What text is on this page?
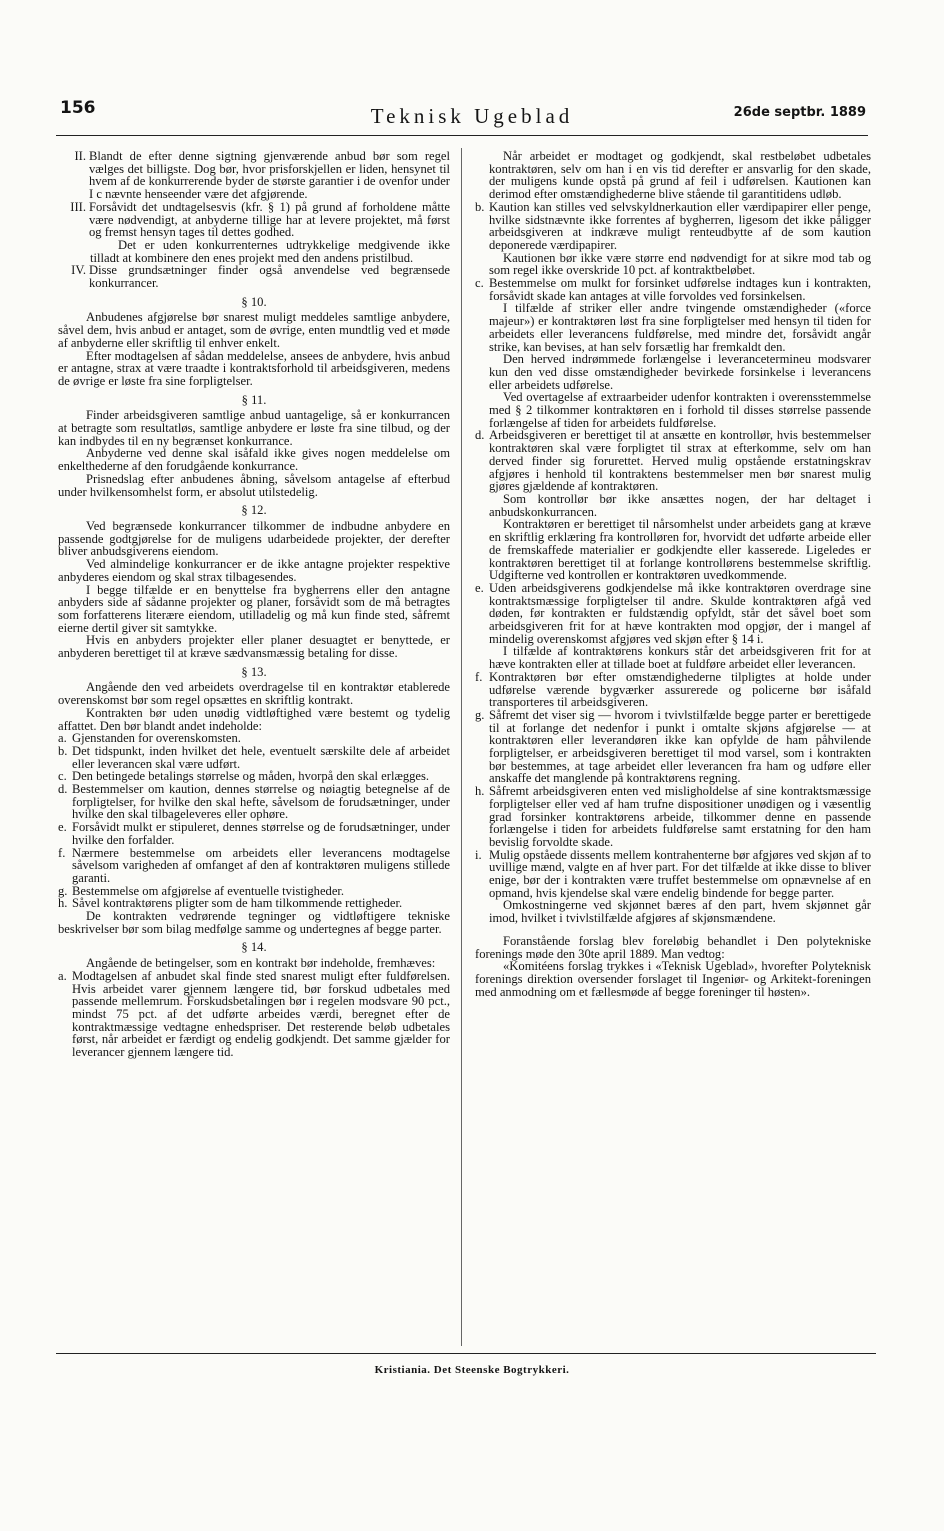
156	Teknisk Ugeblad	26de septbr. 1889
II. Blandt de efter denne sigtning gjenværende anbud bør som regel vælges det billigste. Dog bør, hvor prisforskjellen er liden, hensynet til hvem af de konkurrerende byder de største garantier i de ovenfor under I c nævnte henseender være det afgjørende.
III. Forsåvidt det undtagelsesvis (kfr. § 1) på grund af forholdene måtte være nødvendigt, at anbyderne tillige har at levere projektet, må først og fremst hensyn tages til dettes godhed.

Det er uden konkurrenternes udtrykkelige medgivende ikke tilladt at kombinere den enes projekt med den andens pristilbud.

IV. Disse grundsætninger finder også anvendelse ved begrænsede konkurrancer.
§ 10.

Anbudenes afgjørelse bør snarest muligt meddeles samtlige anbydere, såvel dem, hvis anbud er antaget, som de øvrige, enten mundtlig ved et møde af anbyderne eller skriftlig til enhver enkelt.

Efter modtagelsen af sådan meddelelse, ansees de anbydere, hvis anbud er antagne, strax at være traadte i kontraktsforhold til arbeidsgiveren, medens de øvrige er løste fra sine forpligtelser.

§ 11.

Finder arbeidsgiveren samtlige anbud uantagelige, så er konkurrancen at betragte som resultatløs, samtlige anbydere er løste fra sine tilbud, og der kan indbydes til en ny begrænset konkurrance.

Anbyderne ved denne skal isåfald ikke gives nogen meddelelse om enkelthederne af den forudgående konkurrance.

Prisnedslag efter anbudenes åbning, såvelsom antagelse af efterbud under hvilkensomhelst form, er absolut utilstedelig.

§ 12.

Ved begrænsede konkurrancer tilkommer de indbudne anbydere en passende godtgjørelse for de muligens udarbeidede projekter, der derefter bliver anbudsgiverens eiendom.

Ved almindelige konkurrancer er de ikke antagne projekter respektive anbyderes eiendom og skal strax tilbagesendes.

I begge tilfælde er en benyttelse fra bygherrens eller den antagne anbyders side af sådanne projekter og planer, forsåvidt som de må betragtes som forfatterens literære eiendom, utilladelig og må kun finde sted, såfremt eierne dertil giver sit samtykke.

Hvis en anbyders projekter eller planer desuagtet er benyttede, er anbyderen berettiget til at kræve sædvansmæssig betaling for disse.

§ 13.

Angående den ved arbeidets overdragelse til en kontraktør etablerede overenskomst bør som regel opsættes en skriftlig kontrakt.

Kontrakten bør uden unødig vidtløftighed være bestemt og tydelig affattet. Den bør blandt andet indeholde:

a. Gjenstanden for overenskomsten.
b. Det tidspunkt, inden hvilket det hele, eventuelt særskilte dele af arbeidet eller leverancen skal være udført.
c. Den betingede betalings størrelse og måden, hvorpå den skal erlægges.
d. Bestemmelser om kaution, dennes størrelse og nøiagtig betegnelse af de forpligtelser, for hvilke den skal hefte, såvelsom de forudsætninger, under hvilke den skal tilbageleveres eller ophøre.
e. Forsåvidt mulkt er stipuleret, dennes størrelse og de forudsætninger, under hvilke den forfalder.
f. Nærmere bestemmelse om arbeidets eller leverancens modtagelse såvelsom varigheden af omfanget af den af kontraktøren muligens stillede garanti.
g. Bestemmelse om afgjørelse af eventuelle tvistigheder.
h. Såvel kontraktørens pligter som de ham tilkommende rettigheder.

De kontrakten vedrørende tegninger og vidtløftigere tekniske beskrivelser bør som bilag medfølge samme og undertegnes af begge parter.

§ 14.

Angående de betingelser, som en kontrakt bør indeholde, fremhæves:

a. Modtagelsen af anbudet skal finde sted snarest muligt efter fuldførelsen. Hvis arbeidet varer gjennem længere tid, bør forskud udbetales med passende mellemrum. Forskudsbetalingen bør i regelen modsvare 90 pct., mindst 75 pct. af det udførte arbeides værdi, beregnet efter de kontraktmæssige vedtagne enhedspriser. Det resterende beløb udbetales først, når arbeidet er færdigt og endelig godkjendt. Det samme gjælder for leverancer gjennem længere tid.

Når arbeidet er modtaget og godkjendt, skal restbeløbet udbetales kontraktøren, selv om han i en vis tid derefter er ansvarlig for den skade, der muligens kunde opstå på grund af feil i udførelsen. Kautionen kan derimod efter omstændighederne blive stående til garantitidens udløb.

b. Kaution kan stilles ved selvskyldnerkaution eller værdipapirer eller penge, hvilke sidstnævnte ikke forrentes af bygherren, ligesom det ikke påligger arbeidsgiveren at indkræve muligt renteudbytte af de som kaution deponerede værdipapirer.

Kautionen bør ikke være større end nødvendigt for at sikre mod tab og som regel ikke overskride 10 pct. af kontraktbeløbet.

c. Bestemmelse om mulkt for forsinket udførelse indtages kun i kontrakten, forsåvidt skade kan antages at ville forvoldes ved forsinkelsen.

I tilfælde af striker eller andre tvingende omstændigheder («force majeur») er kontraktøren løst fra sine forpligtelser med hensyn til tiden for arbeidets eller leverancens fuldførelse, med mindre det, forsåvidt angår strike, kan bevises, at han selv forsætlig har fremkaldt den.

Den herved indrømmede forlængelse i leverancetermineu modsvarer kun den ved disse omstændigheder bevirkede forsinkelse i leverancens eller arbeidets udførelse.

Ved overtagelse af extraarbeider udenfor kontrakten i overensstemmelse med § 2 tilkommer kontraktøren en i forhold til disses størrelse passende forlængelse af tiden for arbeidets fuldførelse.

d. Arbeidsgiveren er berettiget til at ansætte en kontrollør, hvis bestemmelser kontraktøren skal være forpligtet til strax at efterkomme, selv om han derved finder sig forurettet. Herved mulig opstående erstatningskrav afgjøres i henhold til kontraktens bestemmelser men bør snarest mulig gjøres gjældende af kontraktøren.

Som kontrollør bør ikke ansættes nogen, der har deltaget i anbudskonkurrancen.

Kontraktøren er berettiget til nårsomhelst under arbeidets gang at kræve en skriftlig erklæring fra kontrolløren for, hvorvidt det udførte arbeide eller de fremskaffede materialier er godkjendte eller kasserede. Ligeledes er kontraktøren berettiget til at forlange kontrollørens bestemmelse skriftlig. Udgifterne ved kontrollen er kontraktøren uvedkommende.

e. Uden arbeidsgiverens godkjendelse må ikke kontraktøren overdrage sine kontraktsmæssige forpligtelser til andre. Skulde kontraktøren afgå ved døden, før kontrakten er fuldstændig opfyldt, står det såvel boet som arbeidsgiveren frit for at hæve kontrakten mod opgjør, der i mangel af mindelig overenskomst afgjøres ved skjøn efter § 14 i.

I tilfælde af kontraktørens konkurs står det arbeidsgiveren frit for at hæve kontrakten eller at tillade boet at fuldføre arbeidet eller leverancen.

f. Kontraktøren bør efter omstændighederne tilpligtes at holde under udførelse værende bygværker assurerede og policerne bør isåfald transporteres til arbeidsgiveren.
g. Såfremt det viser sig — hvorom i tvivlstilfælde begge parter er berettigede til at forlange det nedenfor i punkt i omtalte skjøns afgjørelse — at kontraktøren eller leverandøren ikke kan opfylde de ham påhvilende forpligtelser, er arbeidsgiveren berettiget til mod varsel, som i kontrakten bør bestemmes, at tage arbeidet eller leverancen fra ham og udføre eller anskaffe det manglende på kontraktørens regning.
h. Såfremt arbeidsgiveren enten ved misligholdelse af sine kontraktsmæssige forpligtelser eller ved af ham trufne dispositioner unødigen og i væsentlig grad forsinker kontraktørens arbeide, tilkommer denne en passende forlængelse i tiden for arbeidets fuldførelse samt erstatning for den ham bevislig forvoldte skade.
i. Mulig opståede dissents mellem kontrahenterne bør afgjøres ved skjøn af to uvillige mænd, valgte en af hver part. For det tilfælde at ikke disse to bliver enige, bør der i kontrakten være truffet bestemmelse om opnævnelse af en opmand, hvis kjendelse skal være endelig bindende for begge parter.

Omkostningerne ved skjønnet bæres af den part, hvem skjønnet går imod, hvilket i tvivlstilfælde afgjøres af skjønsmændene.

Foranstående forslag blev foreløbig behandlet i Den polytekniske forenings møde den 30te april 1889. Man vedtog:

«Komitéens forslag trykkes i «Teknisk Ugeblad», hvorefter Polyteknisk forenings direktion oversender forslaget til Ingeniør- og Arkitekt-foreningen med anmodning om et fællesmøde af begge foreninger til høsten».

Kristiania. Det Steenske Bogtrykkeri.
